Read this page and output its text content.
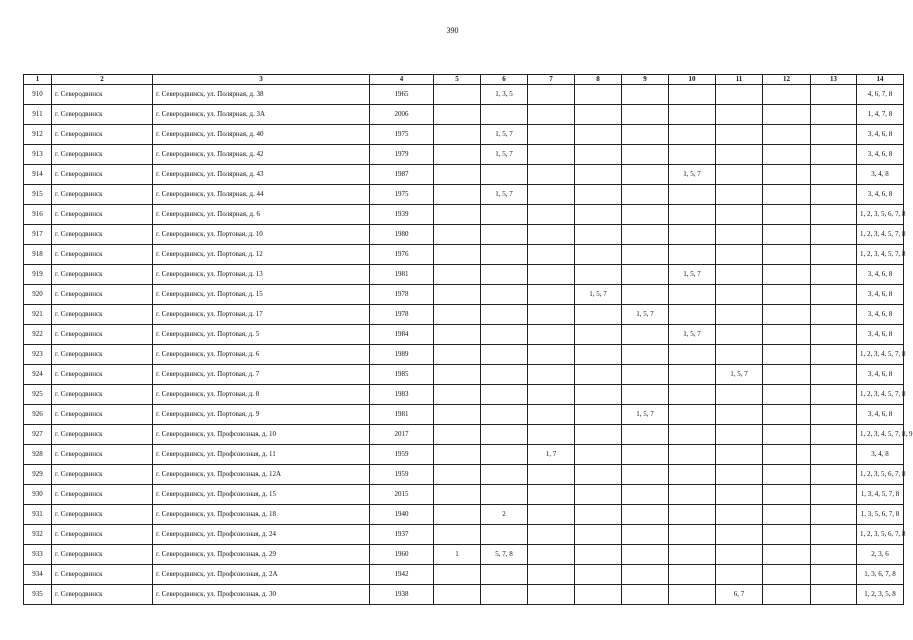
390
1	2	3	4	5	6	7	8	9	10	11	12	13	14
910	г. Северодвинск	г. Северодвинск, ул. Полярная, д. 38	1965		1, 3, 5								4, 6, 7, 8
911	г. Северодвинск	г. Северодвинск, ул. Полярная, д. 3А	2006										1, 4, 7, 8
912	г. Северодвинск	г. Северодвинск, ул. Полярная, д. 40	1975		1, 5, 7								3, 4, 6, 8
913	г. Северодвинск	г. Северодвинск, ул. Полярная, д. 42	1979		1, 5, 7								3, 4, 6, 8
914	г. Северодвинск	г. Северодвинск, ул. Полярная, д. 43	1987						1, 5, 7				3, 4, 8
915	г. Северодвинск	г. Северодвинск, ул. Полярная, д. 44	1975		1, 5, 7								3, 4, 6, 8
916	г. Северодвинск	г. Северодвинск, ул. Полярная, д. 6	1939										1, 2, 3, 5, 6, 7, 8
917	г. Северодвинск	г. Северодвинск, ул. Портовая, д. 10	1980										1, 2, 3, 4, 5, 7, 8
918	г. Северодвинск	г. Северодвинск, ул. Портовая, д. 12	1976										1, 2, 3, 4, 5, 7, 8
919	г. Северодвинск	г. Северодвинск, ул. Портовая, д. 13	1981						1, 5, 7				3, 4, 6, 8
920	г. Северодвинск	г. Северодвинск, ул. Портовая, д. 15	1978				1, 5, 7						3, 4, 6, 8
921	г. Северодвинск	г. Северодвинск, ул. Портовая, д. 17	1978					1, 5, 7					3, 4, 6, 8
922	г. Северодвинск	г. Северодвинск, ул. Портовая, д. 5	1984						1, 5, 7				3, 4, 6, 8
923	г. Северодвинск	г. Северодвинск, ул. Портовая, д. 6	1989										1, 2, 3, 4, 5, 7, 8
924	г. Северодвинск	г. Северодвинск, ул. Портовая, д. 7	1985							1, 5, 7			3, 4, 6, 8
925	г. Северодвинск	г. Северодвинск, ул. Портовая, д. 8	1983										1, 2, 3, 4, 5, 7, 8
926	г. Северодвинск	г. Северодвинск, ул. Портовая, д. 9	1981					1, 5, 7					3, 4, 6, 8
927	г. Северодвинск	г. Северодвинск, ул. Профсоюзная, д. 10	2017										1, 2, 3, 4, 5, 7, 8, 9
928	г. Северодвинск	г. Северодвинск, ул. Профсоюзная, д. 11	1959			1, 7							3, 4, 8
929	г. Северодвинск	г. Северодвинск, ул. Профсоюзная, д. 12А	1959										1, 2, 3, 5, 6, 7, 8
930	г. Северодвинск	г. Северодвинск, ул. Профсоюзная, д. 15	2015										1, 3, 4, 5, 7, 8
931	г. Северодвинск	г. Северодвинск, ул. Профсоюзная, д. 18	1940		2								1, 3, 5, 6, 7, 8
932	г. Северодвинск	г. Северодвинск, ул. Профсоюзная, д. 24	1937										1, 2, 3, 5, 6, 7, 8
933	г. Северодвинск	г. Северодвинск, ул. Профсоюзная, д. 29	1960	1	5, 7, 8								2, 3, 6
934	г. Северодвинск	г. Северодвинск, ул. Профсоюзная, д. 2А	1942										1, 3, 6, 7, 8
935	г. Северодвинск	г. Северодвинск, ул. Профсоюзная, д. 30	1938							6, 7			1, 2, 3, 5, 8
